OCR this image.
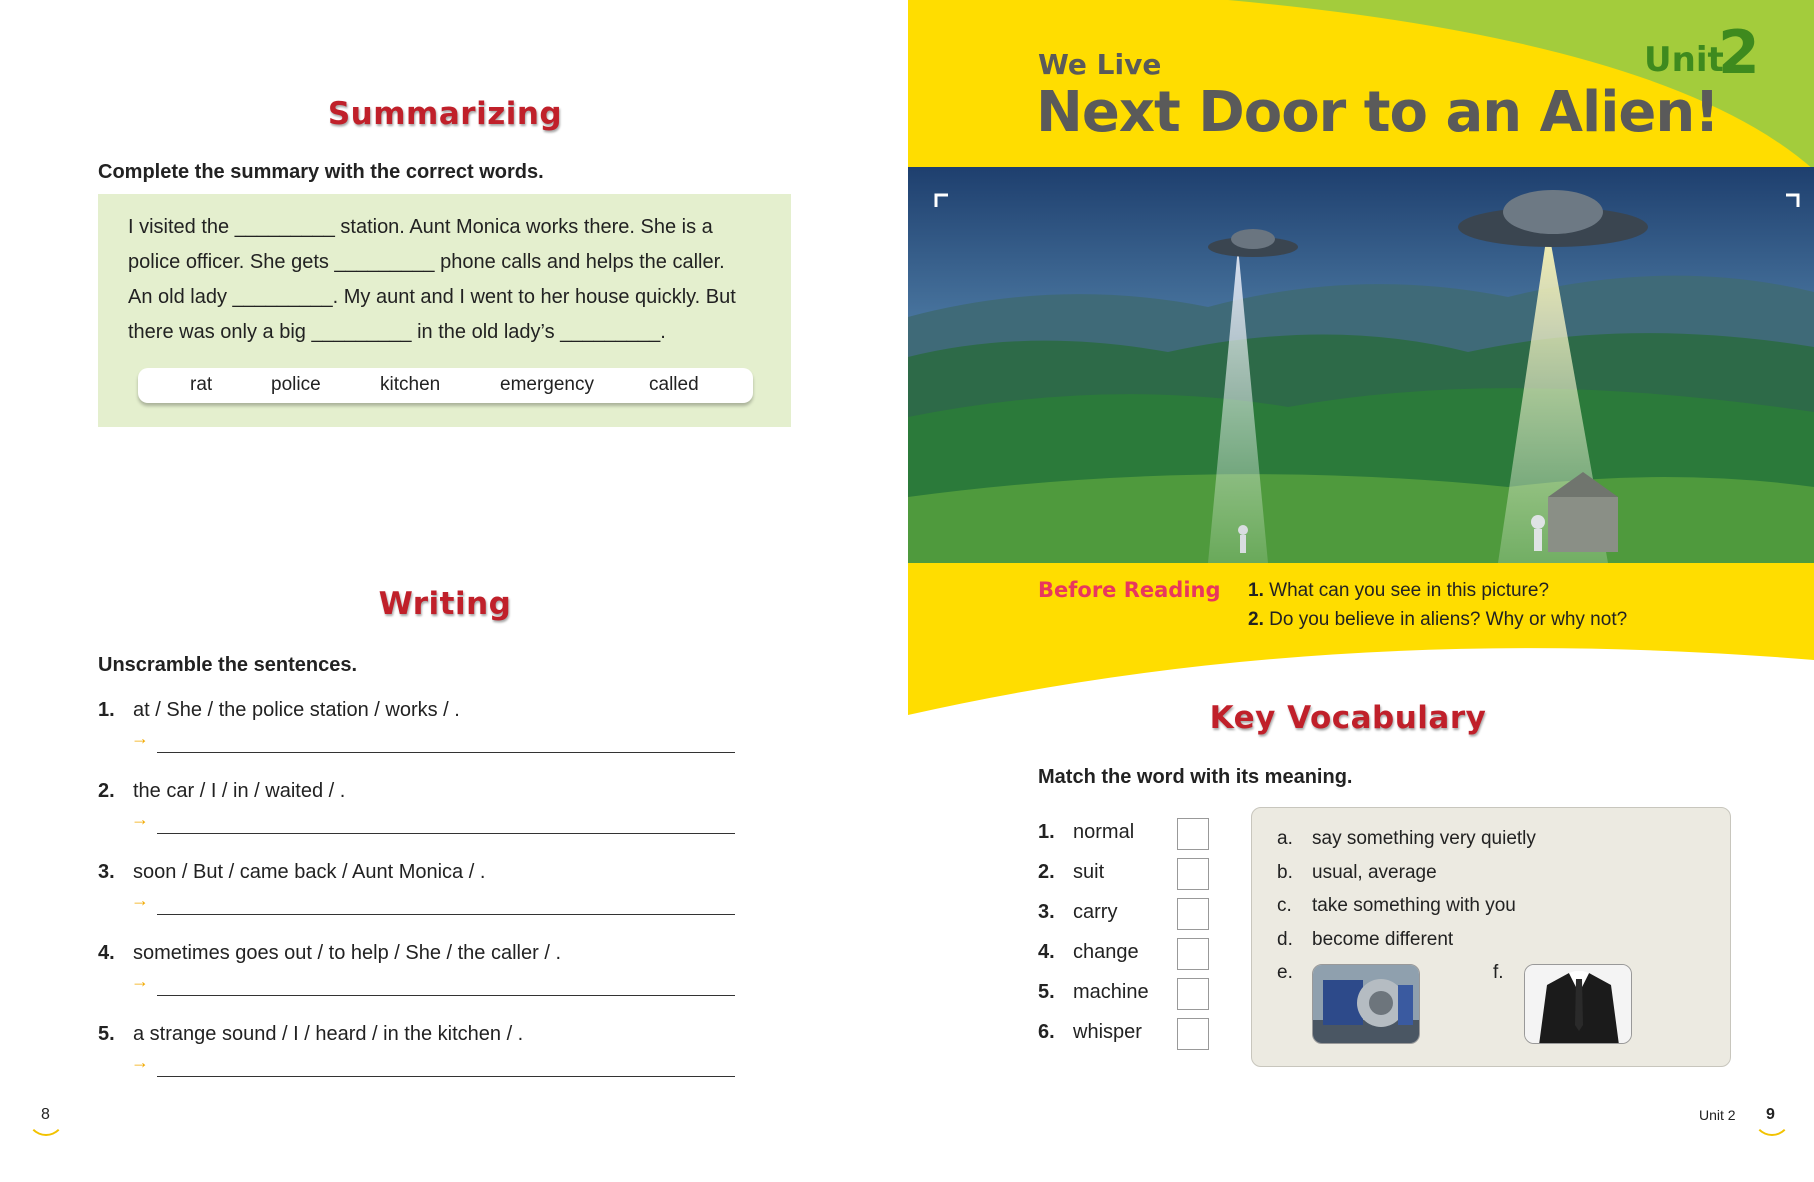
Summarizing
Complete the summary with the correct words.
I visited the _________ station. Aunt Monica works there. She is a
police officer. She gets _________ phone calls and helps the caller.
An old lady _________. My aunt and I went to her house quickly. But
there was only a big _________ in the old lady’s _________.
rat	police	kitchen	emergency	called
Writing
Unscramble the sentences.
1. at / She / the police station / works / .
→
2. the car / I / in / waited / .
→
3. soon / But / came back / Aunt Monica / .
→
4. sometimes goes out / to help / She / the caller / .
→
5. a strange sound / I / heard / in the kitchen / .
→
8
We Live
Next Door to an Alien!
Unit
2
Before Reading 1. What can you see in this picture?
2. Do you believe in aliens? Why or why not?
Key Vocabulary
Match the word with its meaning.
1. normal
2. suit
3. carry
4. change
5. machine
6. whisper
a. say something very quietly
b. usual, average
c. take something with you
d. become different
e.	f.
Unit 2 9
